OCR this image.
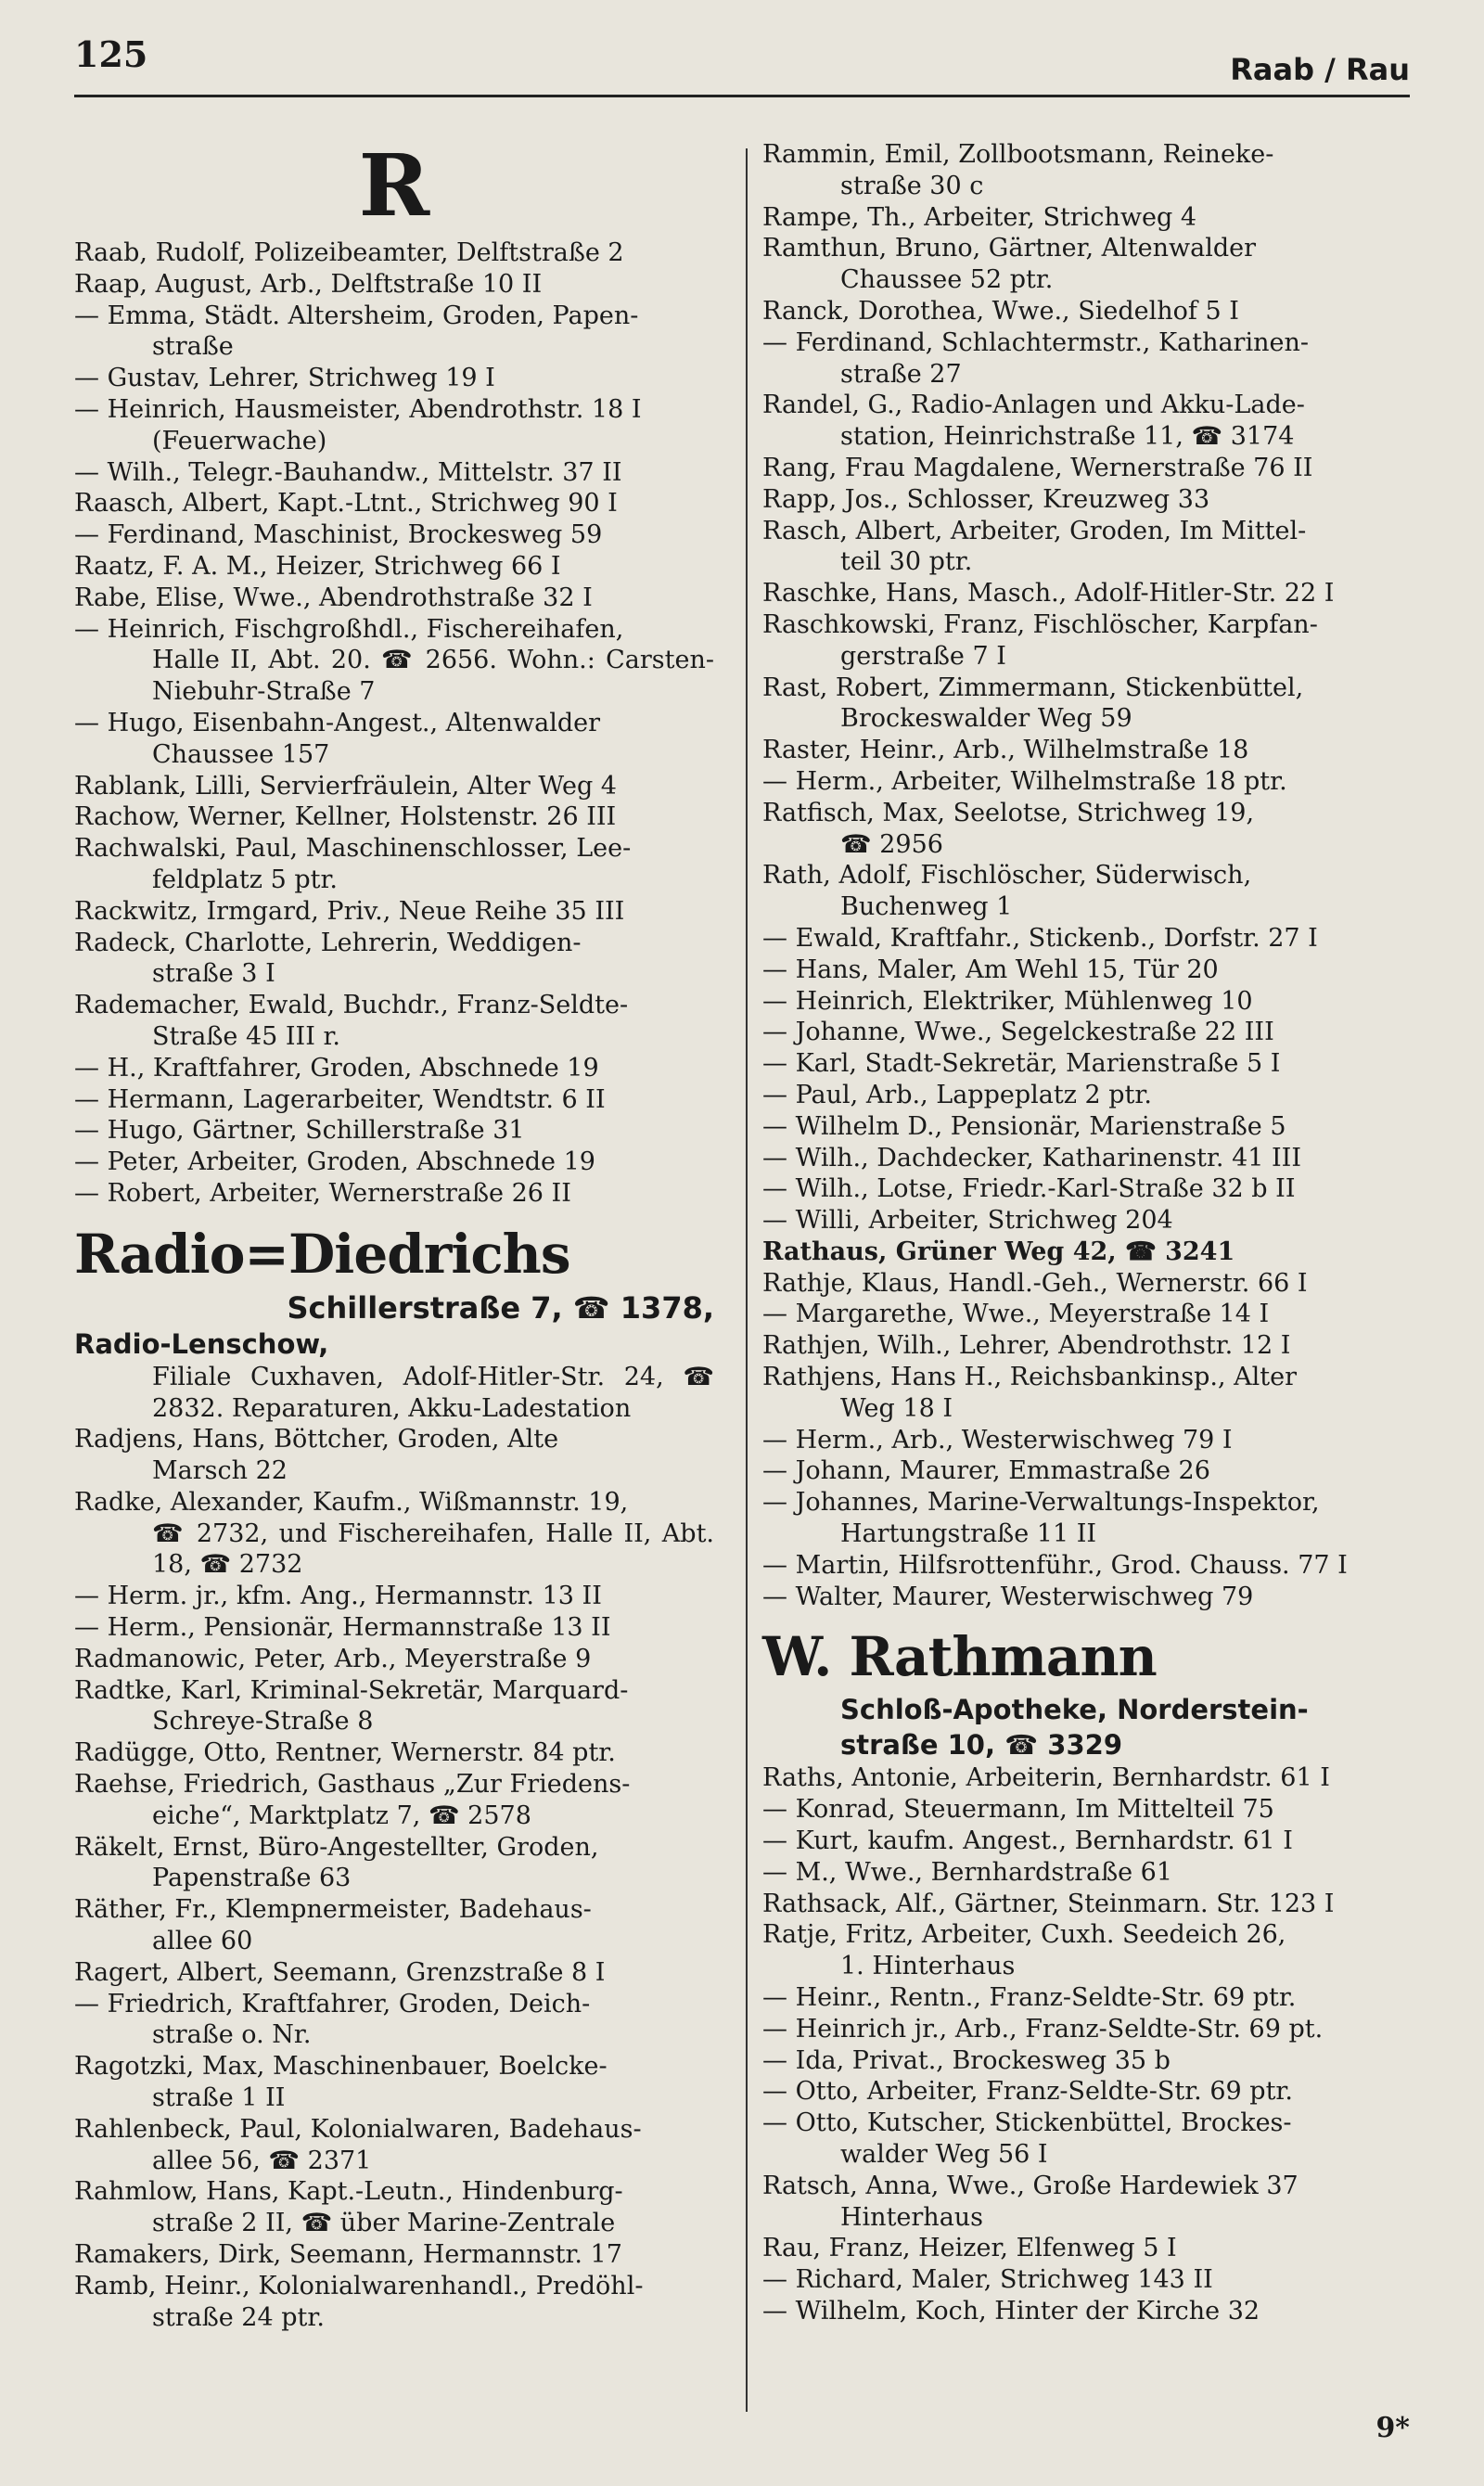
125	Raab / Rau
R
Raab, Rudolf, Polizeibeamter, Delftstraße 2
Raap, August, Arb., Delftstraße 10 II
— Emma, Städt. Altersheim, Groden, Papen-
straße
— Gustav, Lehrer, Strichweg 19 I
— Heinrich, Hausmeister, Abendrothstr. 18 I
(Feuerwache)
— Wilh., Telegr.-Bauhandw., Mittelstr. 37 II
Raasch, Albert, Kapt.-Ltnt., Strichweg 90 I
— Ferdinand, Maschinist, Brockesweg 59
Raatz, F. A. M., Heizer, Strichweg 66 I
Rabe, Elise, Wwe., Abendrothstraße 32 I
— Heinrich, Fischgroßhdl., Fischereihafen,
Halle II, Abt. 20. ☎ 2656. Wohn.: Carsten-Niebuhr-Straße 7
— Hugo, Eisenbahn-Angest., Altenwalder
Chaussee 157
Rablank, Lilli, Servierfräulein, Alter Weg 4
Rachow, Werner, Kellner, Holstenstr. 26 III
Rachwalski, Paul, Maschinenschlosser, Lee-
feldplatz 5 ptr.
Rackwitz, Irmgard, Priv., Neue Reihe 35 III
Radeck, Charlotte, Lehrerin, Weddigen-
straße 3 I
Rademacher, Ewald, Buchdr., Franz-Seldte-
Straße 45 III r.
— H., Kraftfahrer, Groden, Abschnede 19
— Hermann, Lagerarbeiter, Wendtstr. 6 II
— Hugo, Gärtner, Schillerstraße 31
— Peter, Arbeiter, Groden, Abschnede 19
— Robert, Arbeiter, Wernerstraße 26 II
Radio=Diedrichs
Schillerstraße 7, ☎ 1378,
Radio-Lenschow,
Filiale Cuxhaven, Adolf-Hitler-Str. 24, ☎ 2832. Reparaturen, Akku-Ladestation
Radjens, Hans, Böttcher, Groden, Alte
Marsch 22
Radke, Alexander, Kaufm., Wißmannstr. 19,
☎ 2732, und Fischereihafen, Halle II, Abt. 18, ☎ 2732
— Herm. jr., kfm. Ang., Hermannstr. 13 II
— Herm., Pensionär, Hermannstraße 13 II
Radmanowic, Peter, Arb., Meyerstraße 9
Radtke, Karl, Kriminal-Sekretär, Marquard-
Schreye-Straße 8
Radügge, Otto, Rentner, Wernerstr. 84 ptr.
Raehse, Friedrich, Gasthaus „Zur Friedens-
eiche“, Marktplatz 7, ☎ 2578
Räkelt, Ernst, Büro-Angestellter, Groden,
Papenstraße 63
Räther, Fr., Klempnermeister, Badehaus-
allee 60
Ragert, Albert, Seemann, Grenzstraße 8 I
— Friedrich, Kraftfahrer, Groden, Deich-
straße o. Nr.
Ragotzki, Max, Maschinenbauer, Boelcke-
straße 1 II
Rahlenbeck, Paul, Kolonialwaren, Badehaus-
allee 56, ☎ 2371
Rahmlow, Hans, Kapt.-Leutn., Hindenburg-
straße 2 II, ☎ über Marine-Zentrale
Ramakers, Dirk, Seemann, Hermannstr. 17
Ramb, Heinr., Kolonialwarenhandl., Predöhl-
straße 24 ptr.
Rammin, Emil, Zollbootsmann, Reineke-
straße 30 c
Rampe, Th., Arbeiter, Strichweg 4
Ramthun, Bruno, Gärtner, Altenwalder
Chaussee 52 ptr.
Ranck, Dorothea, Wwe., Siedelhof 5 I
— Ferdinand, Schlachtermstr., Katharinen-
straße 27
Randel, G., Radio-Anlagen und Akku-Lade-
station, Heinrichstraße 11, ☎ 3174
Rang, Frau Magdalene, Wernerstraße 76 II
Rapp, Jos., Schlosser, Kreuzweg 33
Rasch, Albert, Arbeiter, Groden, Im Mittel-
teil 30 ptr.
Raschke, Hans, Masch., Adolf-Hitler-Str. 22 I
Raschkowski, Franz, Fischlöscher, Karpfan-
gerstraße 7 I
Rast, Robert, Zimmermann, Stickenbüttel,
Brockeswalder Weg 59
Raster, Heinr., Arb., Wilhelmstraße 18
— Herm., Arbeiter, Wilhelmstraße 18 ptr.
Ratfisch, Max, Seelotse, Strichweg 19,
☎ 2956
Rath, Adolf, Fischlöscher, Süderwisch,
Buchenweg 1
— Ewald, Kraftfahr., Stickenb., Dorfstr. 27 I
— Hans, Maler, Am Wehl 15, Tür 20
— Heinrich, Elektriker, Mühlenweg 10
— Johanne, Wwe., Segelckestraße 22 III
— Karl, Stadt-Sekretär, Marienstraße 5 I
— Paul, Arb., Lappeplatz 2 ptr.
— Wilhelm D., Pensionär, Marienstraße 5
— Wilh., Dachdecker, Katharinenstr. 41 III
— Wilh., Lotse, Friedr.-Karl-Straße 32 b II
— Willi, Arbeiter, Strichweg 204
Rathaus, Grüner Weg 42, ☎ 3241
Rathje, Klaus, Handl.-Geh., Wernerstr. 66 I
— Margarethe, Wwe., Meyerstraße 14 I
Rathjen, Wilh., Lehrer, Abendrothstr. 12 I
Rathjens, Hans H., Reichsbankinsp., Alter
Weg 18 I
— Herm., Arb., Westerwischweg 79 I
— Johann, Maurer, Emmastraße 26
— Johannes, Marine-Verwaltungs-Inspektor,
Hartungstraße 11 II
— Martin, Hilfsrottenführ., Grod. Chauss. 77 I
— Walter, Maurer, Westerwischweg 79
W. Rathmann
Schloß-Apotheke, Norderstein-
straße 10, ☎ 3329
Raths, Antonie, Arbeiterin, Bernhardstr. 61 I
— Konrad, Steuermann, Im Mittelteil 75
— Kurt, kaufm. Angest., Bernhardstr. 61 I
— M., Wwe., Bernhardstraße 61
Rathsack, Alf., Gärtner, Steinmarn. Str. 123 I
Ratje, Fritz, Arbeiter, Cuxh. Seedeich 26,
1. Hinterhaus
— Heinr., Rentn., Franz-Seldte-Str. 69 ptr.
— Heinrich jr., Arb., Franz-Seldte-Str. 69 pt.
— Ida, Privat., Brockesweg 35 b
— Otto, Arbeiter, Franz-Seldte-Str. 69 ptr.
— Otto, Kutscher, Stickenbüttel, Brockes-
walder Weg 56 I
Ratsch, Anna, Wwe., Große Hardewiek 37
Hinterhaus
Rau, Franz, Heizer, Elfenweg 5 I
— Richard, Maler, Strichweg 143 II
— Wilhelm, Koch, Hinter der Kirche 32
9*
